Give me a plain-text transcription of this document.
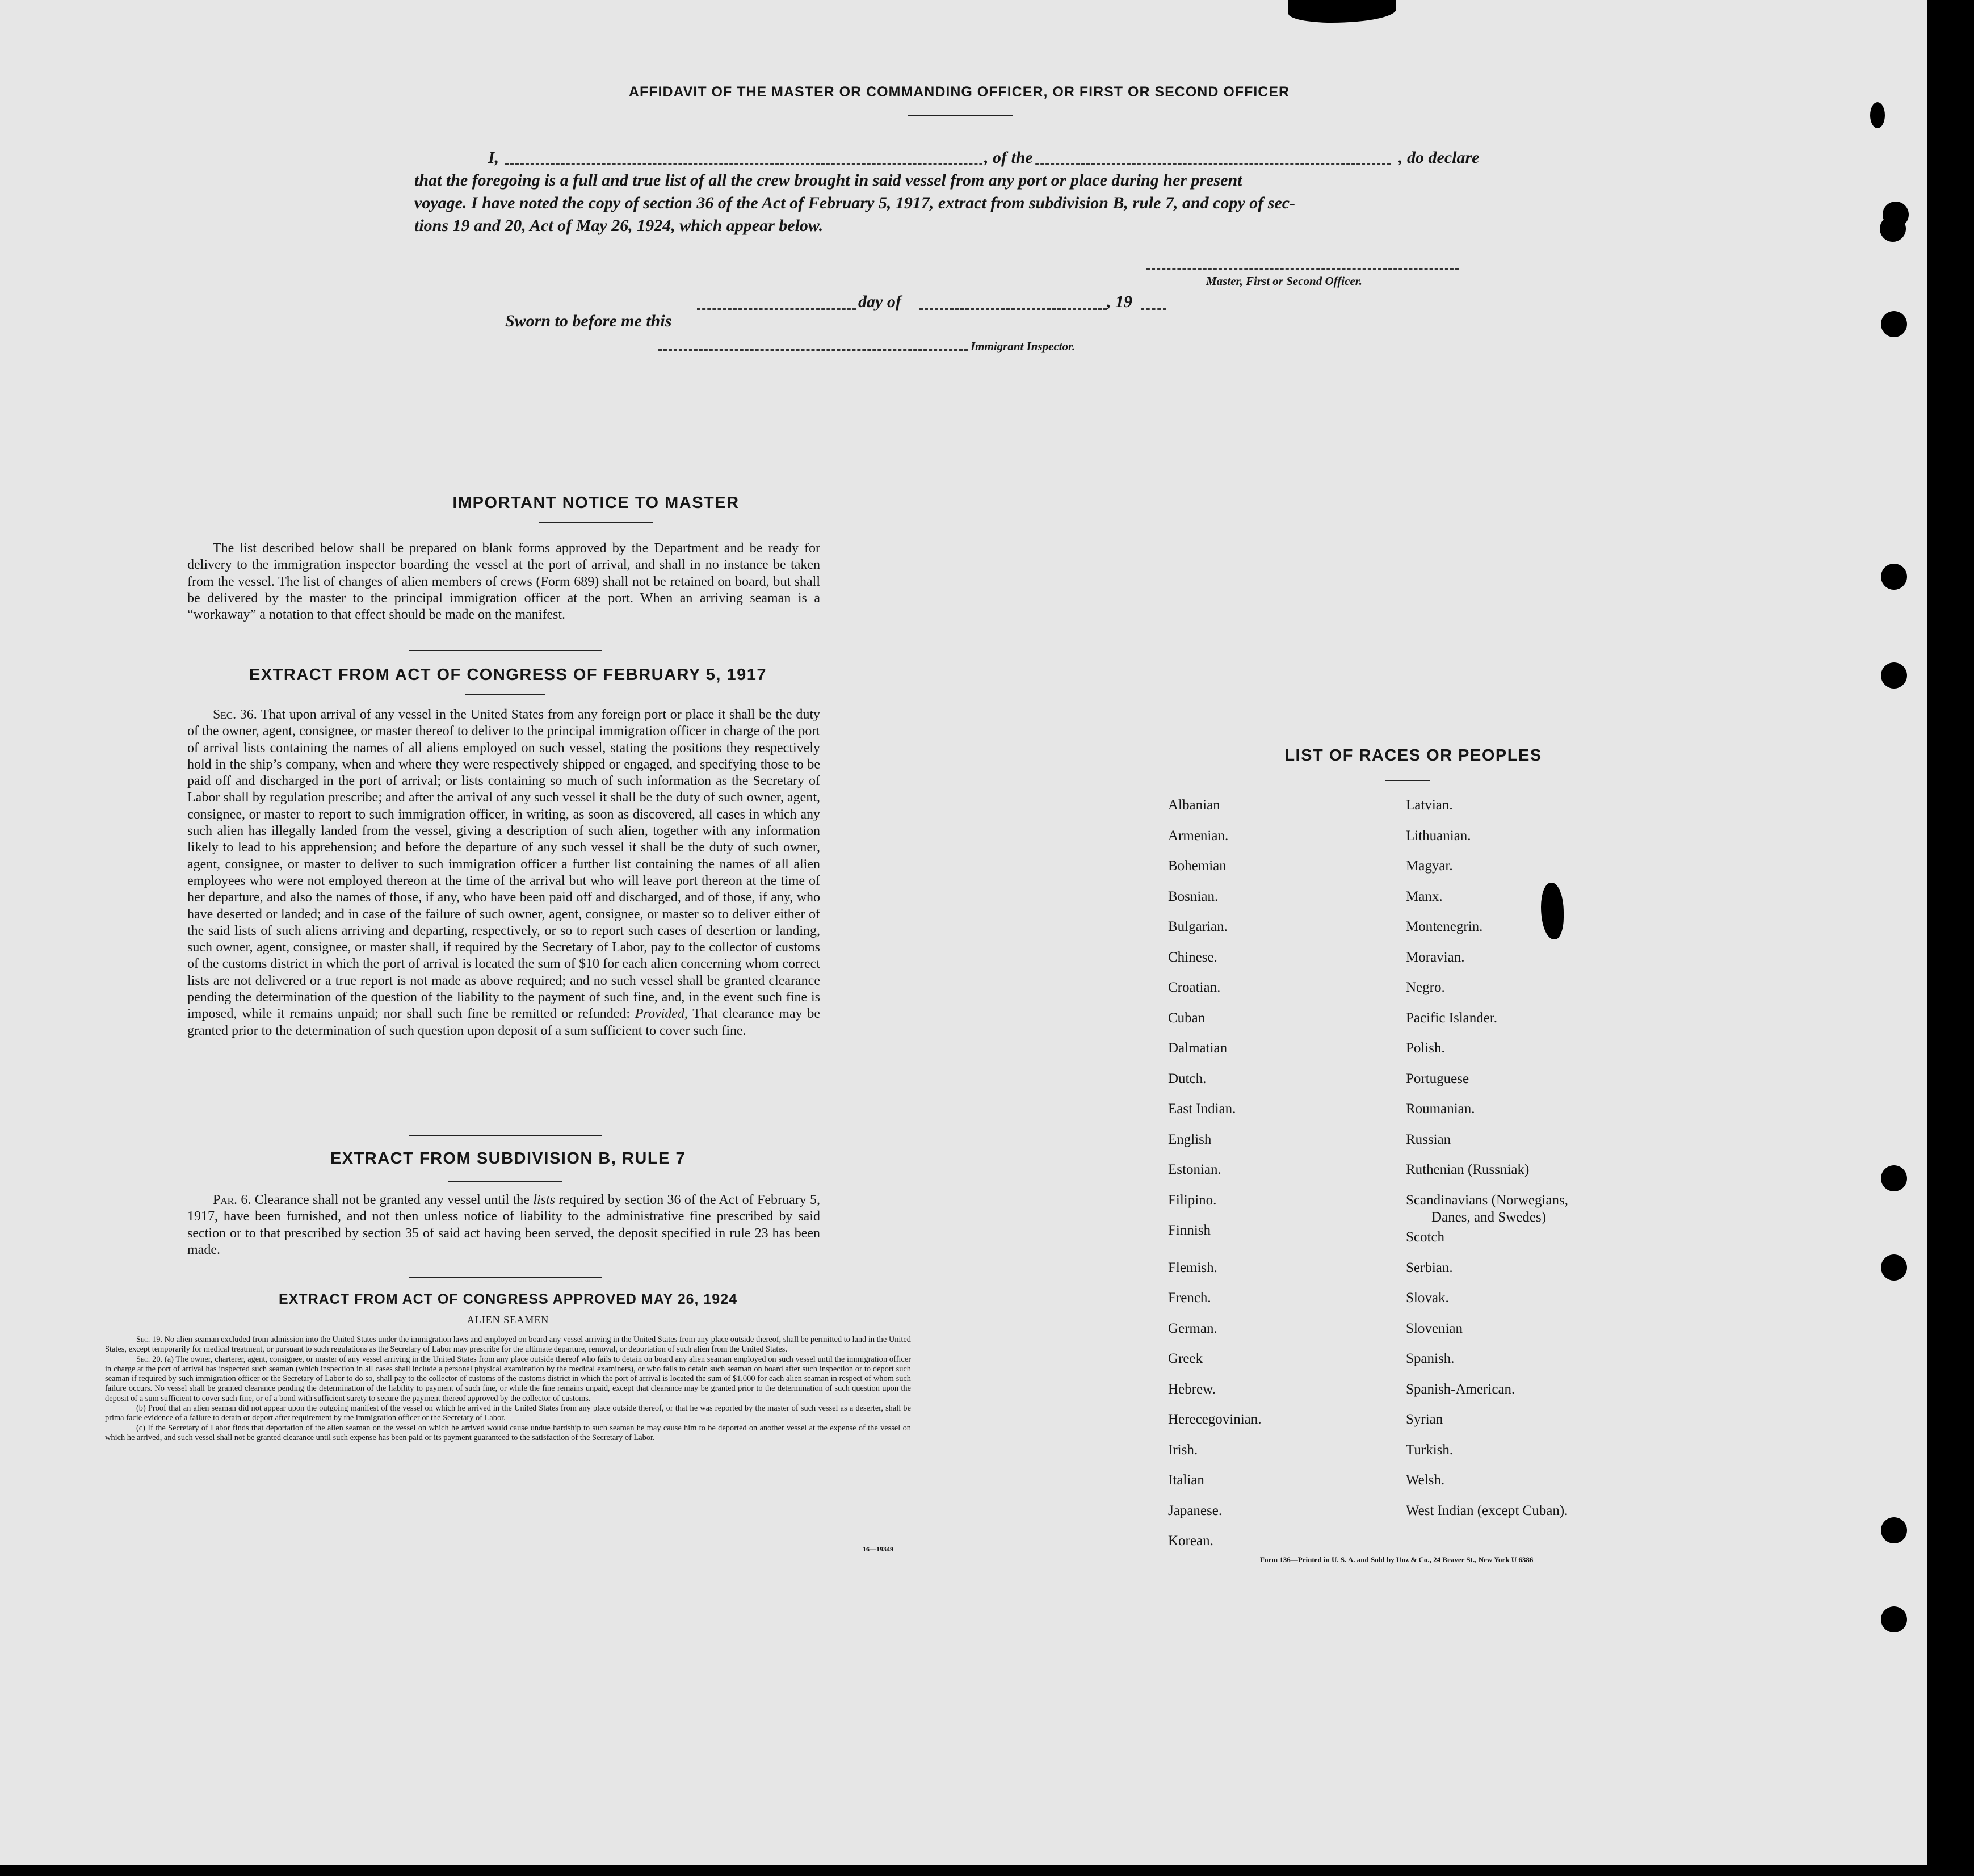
AFFIDAVIT OF THE MASTER OR COMMANDING OFFICER, OR FIRST OR SECOND OFFICER
I,	, of the	, do declare

that the foregoing is a full and true list of all the crew brought in said vessel from any port or place during her present

voyage. I have noted the copy of section 36 of the Act of February 5, 1917, extract from subdivision B, rule 7, and copy of sec-

tions 19 and 20, Act of May 26, 1924, which appear below.

Master, First or Second Officer.

Sworn to before me this

day of	, 19
Immigrant Inspector.
IMPORTANT NOTICE TO MASTER

The list described below shall be prepared on blank forms approved by the Department and be ready for delivery to the immigration inspector boarding the vessel at the port of arrival, and shall in no instance be taken from the vessel. The list of changes of alien members of crews (Form 689) shall not be retained on board, but shall be delivered by the master to the principal immigration officer at the port. When an arriving seaman is a “workaway” a notation to that effect should be made on the manifest.

EXTRACT FROM ACT OF CONGRESS OF FEBRUARY 5, 1917

Sec. 36. That upon arrival of any vessel in the United States from any foreign port or place it shall be the duty of the owner, agent, consignee, or master thereof to deliver to the principal immigration officer in charge of the port of arrival lists containing the names of all aliens employed on such vessel, stating the positions they respectively hold in the ship’s company, when and where they were respectively shipped or engaged, and specifying those to be paid off and discharged in the port of arrival; or lists containing so much of such information as the Secretary of Labor shall by regulation prescribe; and after the arrival of any such vessel it shall be the duty of such owner, agent, consignee, or master to report to such immigration officer, in writing, as soon as discovered, all cases in which any such alien has illegally landed from the vessel, giving a description of such alien, together with any information likely to lead to his apprehension; and before the departure of any such vessel it shall be the duty of such owner, agent, consignee, or master to deliver to such immigration officer a further list containing the names of all alien employees who were not employed thereon at the time of the arrival but who will leave port thereon at the time of her departure, and also the names of those, if any, who have been paid off and discharged, and of those, if any, who have deserted or landed; and in case of the failure of such owner, agent, consignee, or master so to deliver either of the said lists of such aliens arriving and departing, respectively, or so to report such cases of desertion or landing, such owner, agent, consignee, or master shall, if required by the Secretary of Labor, pay to the collector of customs of the customs district in which the port of arrival is located the sum of $10 for each alien concerning whom correct lists are not delivered or a true report is not made as above required; and no such vessel shall be granted clearance pending the determination of the question of the liability to the payment of such fine, and, in the event such fine is imposed, while it remains unpaid; nor shall such fine be remitted or refunded: Provided, That clearance may be granted prior to the determination of such question upon deposit of a sum sufficient to cover such fine.

EXTRACT FROM SUBDIVISION B, RULE 7

Par. 6. Clearance shall not be granted any vessel until the lists required by section 36 of the Act of February 5, 1917, have been furnished, and not then unless notice of liability to the administrative fine prescribed by said section or to that prescribed by section 35 of said act having been served, the deposit specified in rule 23 has been made.

EXTRACT FROM ACT OF CONGRESS APPROVED MAY 26, 1924
ALIEN SEAMEN

Sec. 19. No alien seaman excluded from admission into the United States under the immigration laws and employed on board any vessel arriving in the United States from any place outside thereof, shall be permitted to land in the United States, except temporarily for medical treatment, or pursuant to such regulations as the Secretary of Labor may prescribe for the ultimate departure, removal, or deportation of such alien from the United States.

Sec. 20. (a) The owner, charterer, agent, consignee, or master of any vessel arriving in the United States from any place outside thereof who fails to detain on board any alien seaman employed on such vessel until the immigration officer in charge at the port of arrival has inspected such seaman (which inspection in all cases shall include a personal physical examination by the medical examiners), or who fails to detain such seaman on board after such inspection or to deport such seaman if required by such immigration officer or the Secretary of Labor to do so, shall pay to the collector of customs of the customs district in which the port of arrival is located the sum of $1,000 for each alien seaman in respect of whom such failure occurs. No vessel shall be granted clearance pending the determination of the liability to payment of such fine, or while the fine remains unpaid, except that clearance may be granted prior to the determination of such question upon the deposit of a sum sufficient to cover such fine, or of a bond with sufficient surety to secure the payment thereof approved by the collector of customs.

(b) Proof that an alien seaman did not appear upon the outgoing manifest of the vessel on which he arrived in the United States from any place outside thereof, or that he was reported by the master of such vessel as a deserter, shall be prima facie evidence of a failure to detain or deport after requirement by the immigration officer or the Secretary of Labor.

(c) If the Secretary of Labor finds that deportation of the alien seaman on the vessel on which he arrived would cause undue hardship to such seaman he may cause him to be deported on another vessel at the expense of the vessel on which he arrived, and such vessel shall not be granted clearance until such expense has been paid or its payment guaranteed to the satisfaction of the Secretary of Labor.

16—19349
LIST OF RACES OR PEOPLES
Form 136—Printed in U. S. A. and Sold by Unz & Co., 24 Beaver St., New York U 6386
Albanian
Armenian.
Bohemian
Bosnian.
Bulgarian.
Chinese.
Croatian.
Cuban
Dalmatian
Dutch.
East Indian.
English
Estonian.
Filipino.
Finnish
Flemish.
French.
German.
Greek
Hebrew.
Herecegovinian.
Irish.
Italian
Japanese.
Korean.
Latvian.
Lithuanian.
Magyar.
Manx.
Montenegrin.
Moravian.
Negro.
Pacific Islander.
Polish.
Portuguese
Roumanian.
Russian
Ruthenian (Russniak)
Scandinavians (Norwegians,
Danes, and Swedes)
Scotch
Serbian.
Slovak.
Slovenian
Spanish.
Spanish-American.
Syrian
Turkish.
Welsh.
West Indian (except Cuban).
